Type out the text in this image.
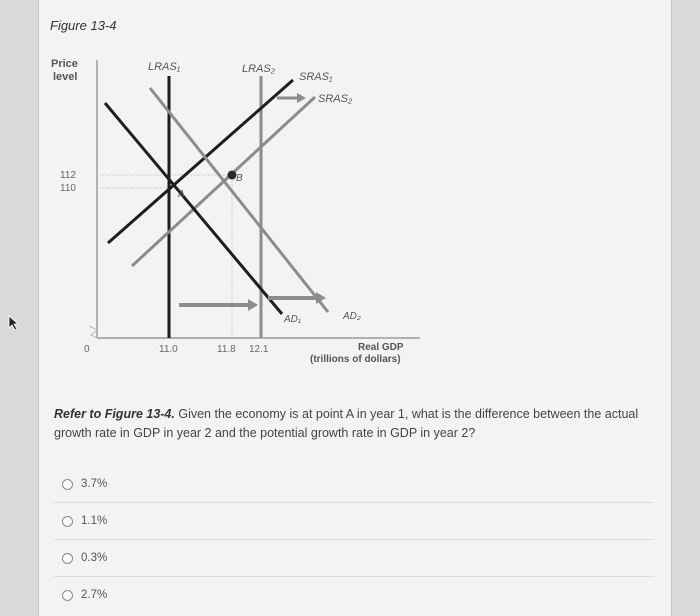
Figure 13-4
Price
level
Real GDP
(trillions of dollars)
112
110
0	11.0	11.8 12.1
A
B
LRAS₁	LRAS₂
SRAS₁
SRAS₂
AD₁	AD₂
Refer to Figure 13-4. Given the economy is at point A in year 1, what is the difference between the actual growth rate in GDP in year 2 and the potential growth rate in GDP in year 2?
3.7%
1.1%
0.3%
2.7%
